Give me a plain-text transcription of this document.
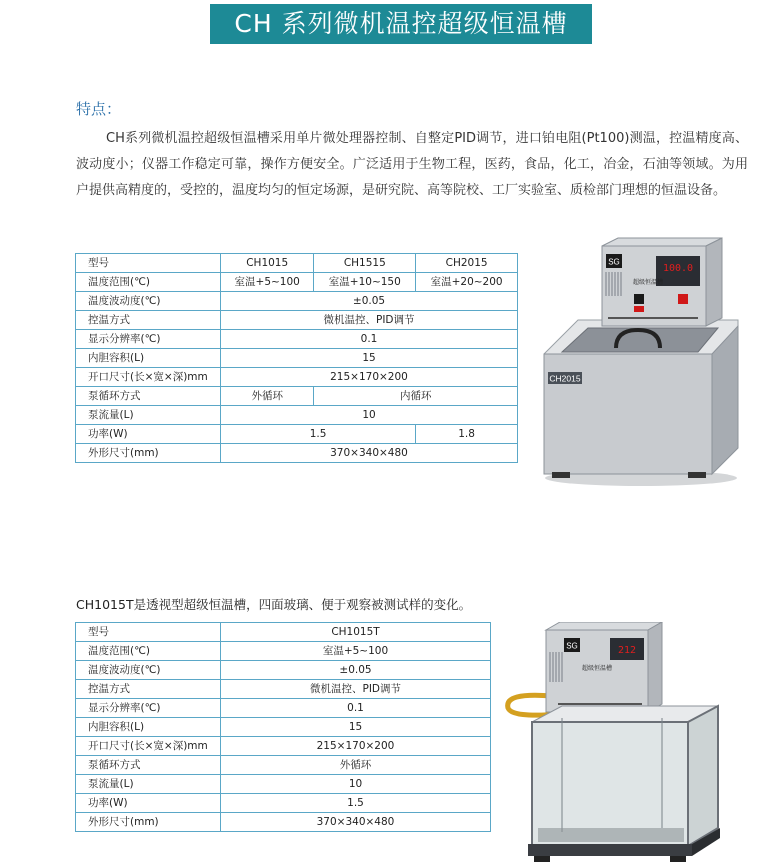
CH 系列微机温控超级恒温槽
特点：
CH系列微机温控超级恒温槽采用单片微处理器控制、自整定PID调节，进口铂电阻(Pt100)测温，控温精度高、波动度小；仪器工作稳定可靠，操作方便安全。广泛适用于生物工程，医药，食品，化工，冶金，石油等领域。为用户提供高精度的，受控的，温度均匀的恒定场源，是研究院、高等院校、工厂实验室、质检部门理想的恒温设备。
型号	CH1015	CH1515	CH2015
温度范围(℃)	室温+5~100	室温+10~150	室温+20~200
温度波动度(℃)	±0.05		
控温方式	微机温控、PID调节		
显示分辨率(℃)	0.1		
内胆容积(L)	15		
开口尺寸(长×宽×深)mm	215×170×200		
泵循环方式	外循环	内循环	
泵流量(L)	10		
功率(W)	1.5		1.8
外形尺寸(mm)	370×340×480		
CH2015
SG
100.0
超级恒温槽
CH1015T是透视型超级恒温槽，四面玻璃、便于观察被测试样的变化。
型号	CH1015T
温度范围(℃)	室温+5~100
温度波动度(℃)	±0.05
控温方式	微机温控、PID调节
显示分辨率(℃)	0.1
内胆容积(L)	15
开口尺寸(长×宽×深)mm	215×170×200
泵循环方式	外循环
泵流量(L)	10
功率(W)	1.5
外形尺寸(mm)	370×340×480
SG	212
超级恒温槽
